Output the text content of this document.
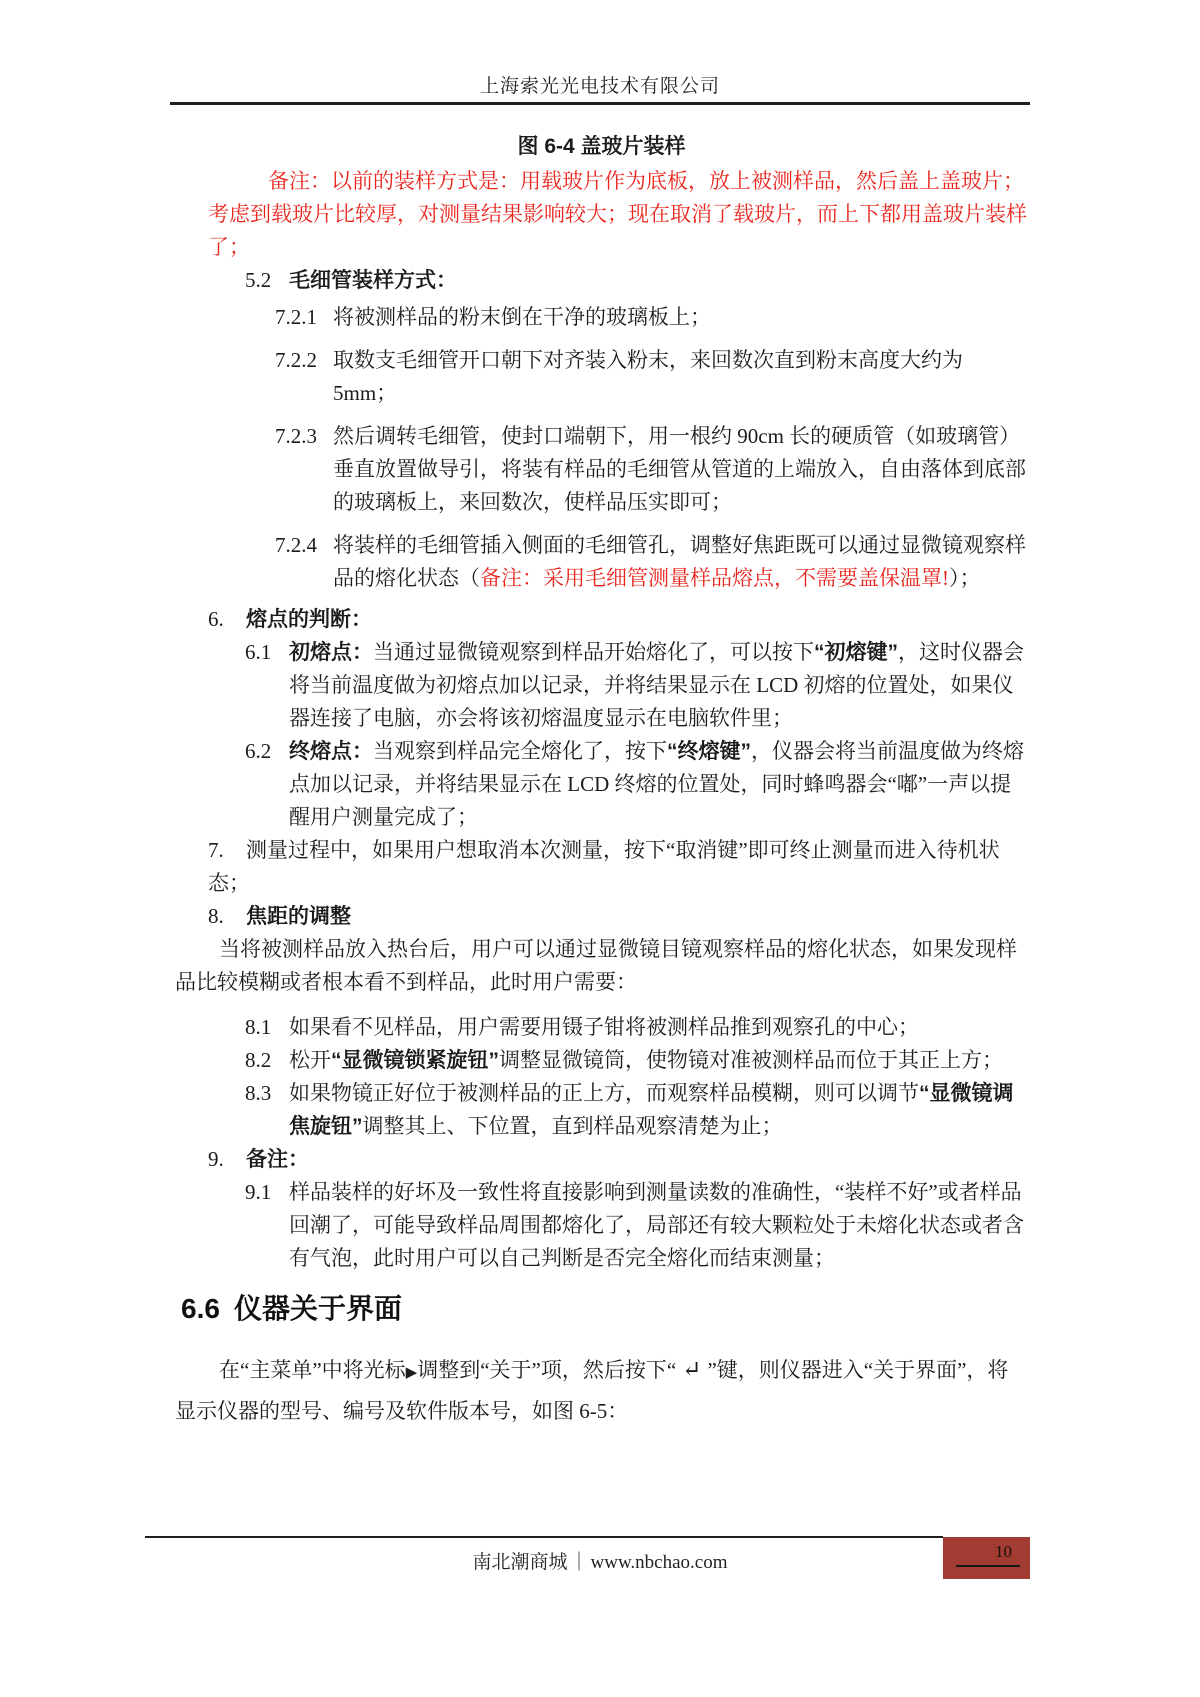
上海索光光电技术有限公司
图 6-4 盖玻片装样

备注：以前的装样方式是：用载玻片作为底板，放上被测样品，然后盖上盖玻片；考虑到载玻片比较厚，对测量结果影响较大；现在取消了载玻片，而上下都用盖玻片装样了；

5.2 毛细管装样方式：
7.2.1 将被测样品的粉末倒在干净的玻璃板上；
7.2.2 取数支毛细管开口朝下对齐装入粉末，来回数次直到粉末高度大约为 5mm；
7.2.3 然后调转毛细管，使封口端朝下，用一根约 90cm 长的硬质管（如玻璃管）垂直放置做导引，将装有样品的毛细管从管道的上端放入，自由落体到底部的玻璃板上，来回数次，使样品压实即可；
7.2.4 将装样的毛细管插入侧面的毛细管孔，调整好焦距既可以通过显微镜观察样品的熔化状态（备注：采用毛细管测量样品熔点，不需要盖保温罩!）；
6. 熔点的判断：
6.1 初熔点：当通过显微镜观察到样品开始熔化了，可以按下“初熔键”，这时仪器会将当前温度做为初熔点加以记录，并将结果显示在 LCD 初熔的位置处，如果仪器连接了电脑，亦会将该初熔温度显示在电脑软件里；
6.2 终熔点：当观察到样品完全熔化了，按下“终熔键”，仪器会将当前温度做为终熔点加以记录，并将结果显示在 LCD 终熔的位置处，同时蜂鸣器会“嘟”一声以提醒用户测量完成了；
7. 测量过程中，如果用户想取消本次测量，按下“取消键”即可终止测量而进入待机状态；
8. 焦距的调整

当将被测样品放入热台后，用户可以通过显微镜目镜观察样品的熔化状态，如果发现样品比较模糊或者根本看不到样品，此时用户需要：

8.1 如果看不见样品，用户需要用镊子钳将被测样品推到观察孔的中心；
8.2 松开“显微镜锁紧旋钮”调整显微镜筒，使物镜对准被测样品而位于其正上方；
8.3 如果物镜正好位于被测样品的正上方，而观察样品模糊，则可以调节“显微镜调焦旋钮”调整其上、下位置，直到样品观察清楚为止；
9. 备注：
9.1 样品装样的好坏及一致性将直接影响到测量读数的准确性，“装样不好”或者样品回潮了，可能导致样品周围都熔化了，局部还有较大颗粒处于未熔化状态或者含有气泡，此时用户可以自己判断是否完全熔化而结束测量；
6.6 仪器关于界面

在“主菜单”中将光标▶调整到“关于”项，然后按下“ ↵ ”键，则仪器进入“关于界面”，将显示仪器的型号、编号及软件版本号，如图 6-5：

南北潮商城 ｜ www.nbchao.com
10
